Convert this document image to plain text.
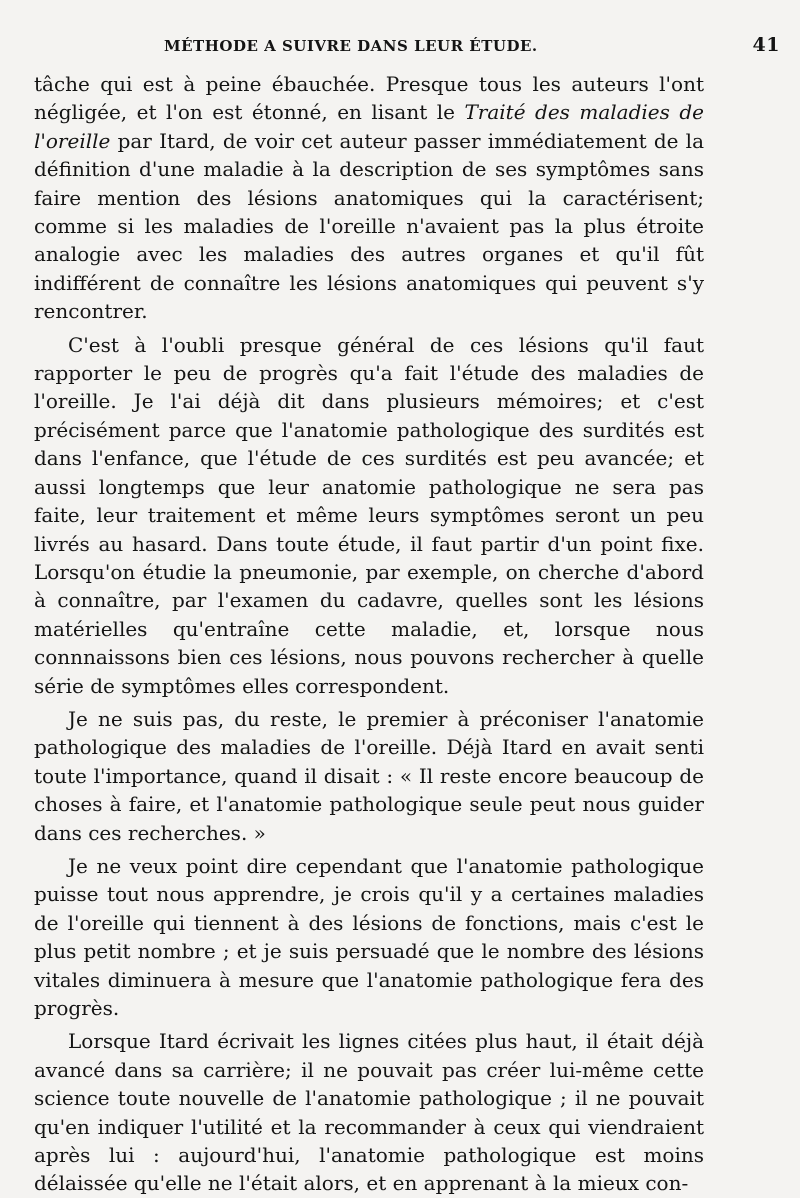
MÉTHODE A SUIVRE DANS LEUR ÉTUDE.	41

tâche qui est à peine ébauchée. Presque tous les auteurs l'ont négligée, et l'on est étonné, en lisant le Traité des maladies de l'oreille par Itard, de voir cet auteur passer immédiatement de la définition d'une maladie à la description de ses symptômes sans faire mention des lésions anatomiques qui la caractérisent; comme si les maladies de l'oreille n'avaient pas la plus étroite analogie avec les maladies des autres organes et qu'il fût indifférent de connaître les lésions anatomiques qui peuvent s'y rencontrer.

C'est à l'oubli presque général de ces lésions qu'il faut rapporter le peu de progrès qu'a fait l'étude des maladies de l'oreille. Je l'ai déjà dit dans plusieurs mémoires; et c'est précisément parce que l'anatomie pathologique des surdités est dans l'enfance, que l'étude de ces surdités est peu avancée; et aussi longtemps que leur anatomie pathologique ne sera pas faite, leur traitement et même leurs symptômes seront un peu livrés au hasard. Dans toute étude, il faut partir d'un point fixe. Lorsqu'on étudie la pneumonie, par exemple, on cherche d'abord à connaître, par l'examen du cadavre, quelles sont les lésions matérielles qu'entraîne cette maladie, et, lorsque nous connnaissons bien ces lésions, nous pouvons rechercher à quelle série de symptômes elles correspondent.

Je ne suis pas, du reste, le premier à préconiser l'anatomie pathologique des maladies de l'oreille. Déjà Itard en avait senti toute l'importance, quand il disait : « Il reste encore beaucoup de choses à faire, et l'anatomie pathologique seule peut nous guider dans ces recherches. »

Je ne veux point dire cependant que l'anatomie pathologique puisse tout nous apprendre, je crois qu'il y a certaines maladies de l'oreille qui tiennent à des lésions de fonctions, mais c'est le plus petit nombre ; et je suis persuadé que le nombre des lésions vitales diminuera à mesure que l'anatomie pathologique fera des progrès.

Lorsque Itard écrivait les lignes citées plus haut, il était déjà avancé dans sa carrière; il ne pouvait pas créer lui-même cette science toute nouvelle de l'anatomie pathologique ; il ne pouvait qu'en indiquer l'utilité et la recommander à ceux qui viendraient après lui : aujourd'hui, l'anatomie pathologique est moins délaissée qu'elle ne l'était alors, et en apprenant à la mieux con-
